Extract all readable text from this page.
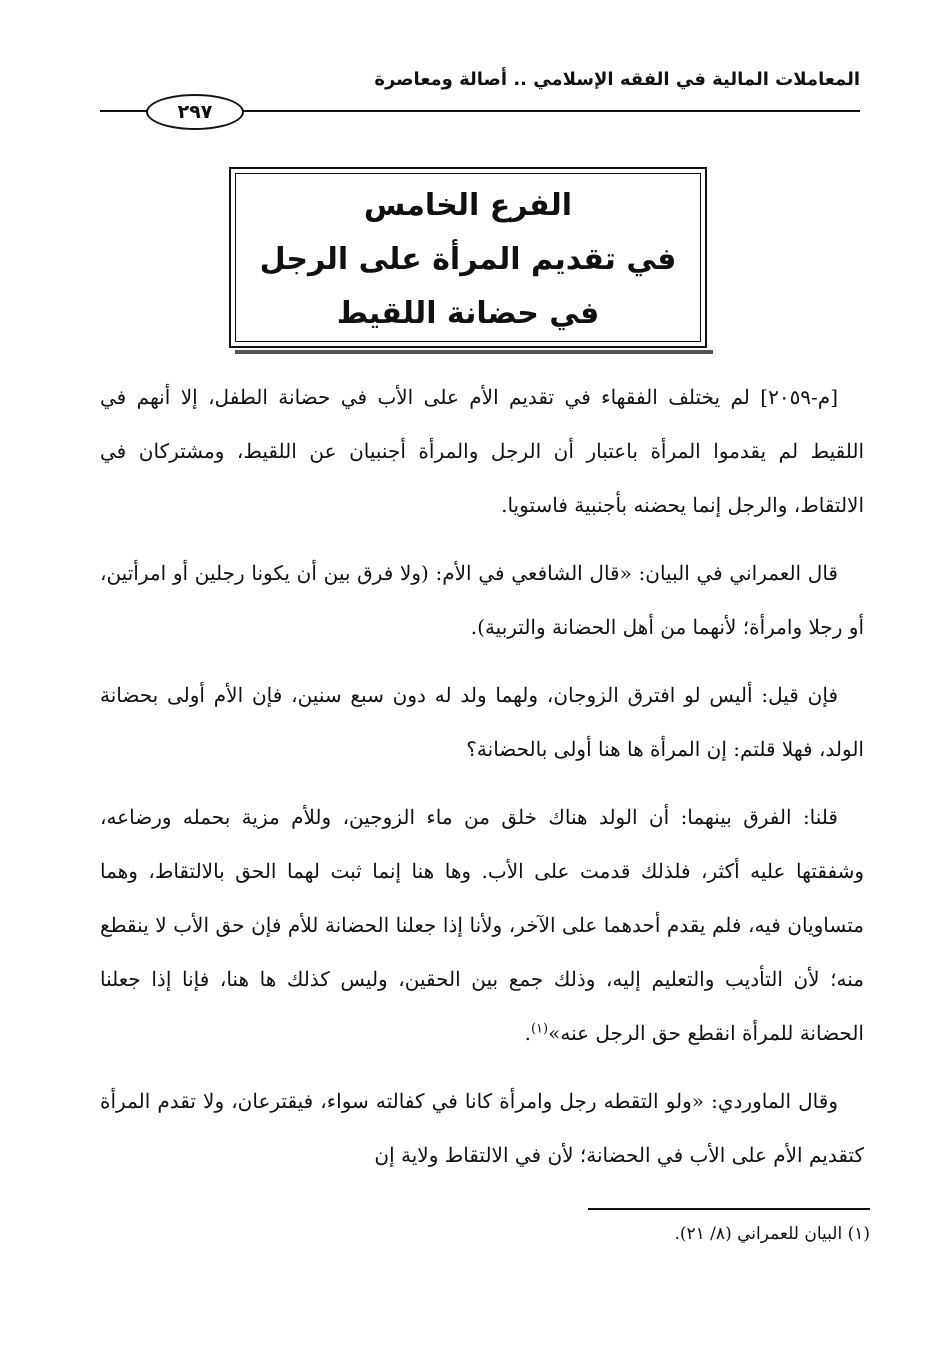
المعاملات المالية في الفقه الإسلامي .. أصالة ومعاصرة
٢٩٧
الفرع الخامس
في تقديم المرأة على الرجل
في حضانة اللقيط

[م-٢٠٥٩] لم يختلف الفقهاء في تقديم الأم على الأب في حضانة الطفل، إلا أنهم في اللقيط لم يقدموا المرأة باعتبار أن الرجل والمرأة أجنبيان عن اللقيط، ومشتركان في الالتقاط، والرجل إنما يحضنه بأجنبية فاستويا.

قال العمراني في البيان: «قال الشافعي في الأم: (ولا فرق بين أن يكونا رجلين أو امرأتين، أو رجلا وامرأة؛ لأنهما من أهل الحضانة والتربية).

فإن قيل: أليس لو افترق الزوجان، ولهما ولد له دون سبع سنين، فإن الأم أولى بحضانة الولد، فهلا قلتم: إن المرأة ها هنا أولى بالحضانة؟

قلنا: الفرق بينهما: أن الولد هناك خلق من ماء الزوجين، وللأم مزية بحمله ورضاعه، وشفقتها عليه أكثر، فلذلك قدمت على الأب. وها هنا إنما ثبت لهما الحق بالالتقاط، وهما متساويان فيه، فلم يقدم أحدهما على الآخر، ولأنا إذا جعلنا الحضانة للأم فإن حق الأب لا ينقطع منه؛ لأن التأديب والتعليم إليه، وذلك جمع بين الحقين، وليس كذلك ها هنا، فإنا إذا جعلنا الحضانة للمرأة انقطع حق الرجل عنه»$^{(١)}$.

وقال الماوردي: «ولو التقطه رجل وامرأة كانا في كفالته سواء، فيقترعان، ولا تقدم المرأة كتقديم الأم على الأب في الحضانة؛ لأن في الالتقاط ولاية إن

(١) البيان للعمراني (٨/ ٢١).
